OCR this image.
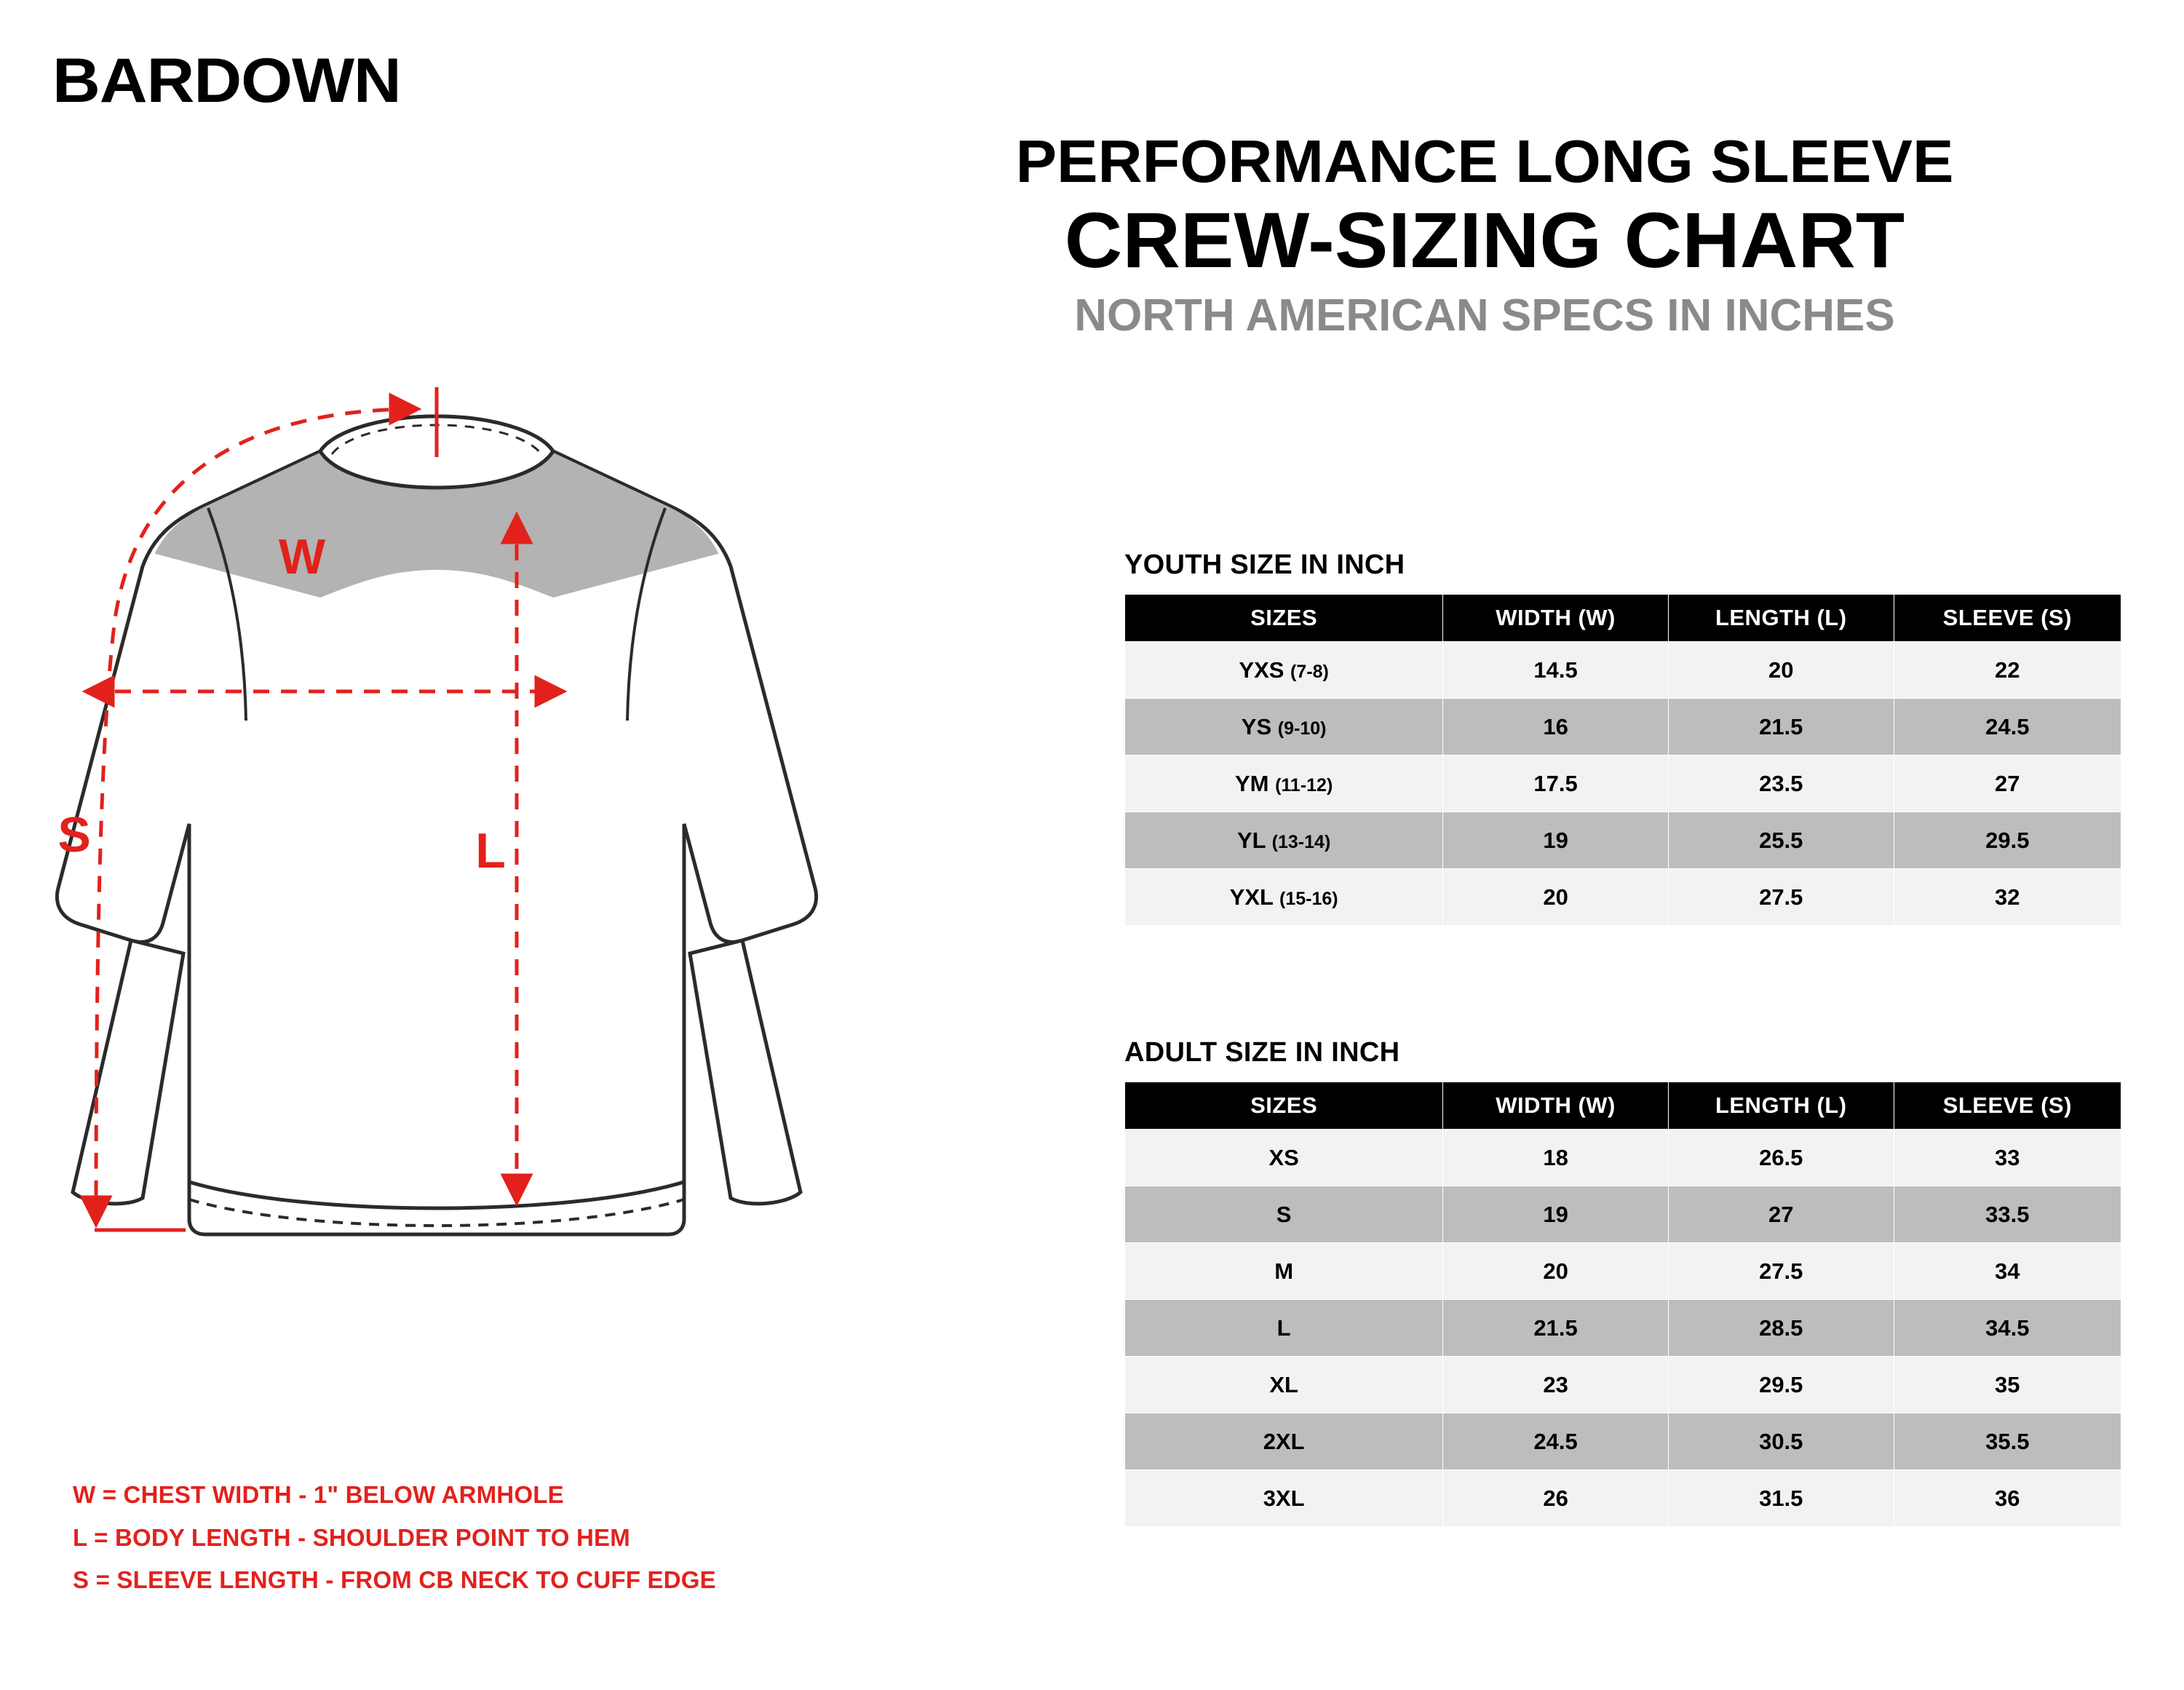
BARDOWN
PERFORMANCE LONG SLEEVE
CREW-SIZING CHART
NORTH AMERICAN SPECS IN INCHES
W
L
S
W = CHEST WIDTH - 1" BELOW ARMHOLE
L = BODY LENGTH - SHOULDER POINT TO HEM
S = SLEEVE LENGTH - FROM CB NECK TO CUFF EDGE
YOUTH SIZE IN INCH
SIZES	WIDTH (W)	LENGTH (L)	SLEEVE (S)
YXS (7-8)	14.5	20	22
YS (9-10)	16	21.5	24.5
YM (11-12)	17.5	23.5	27
YL (13-14)	19	25.5	29.5
YXL (15-16)	20	27.5	32
ADULT SIZE IN INCH
SIZES	WIDTH (W)	LENGTH (L)	SLEEVE (S)
XS	18	26.5	33
S	19	27	33.5
M	20	27.5	34
L	21.5	28.5	34.5
XL	23	29.5	35
2XL	24.5	30.5	35.5
3XL	26	31.5	36
